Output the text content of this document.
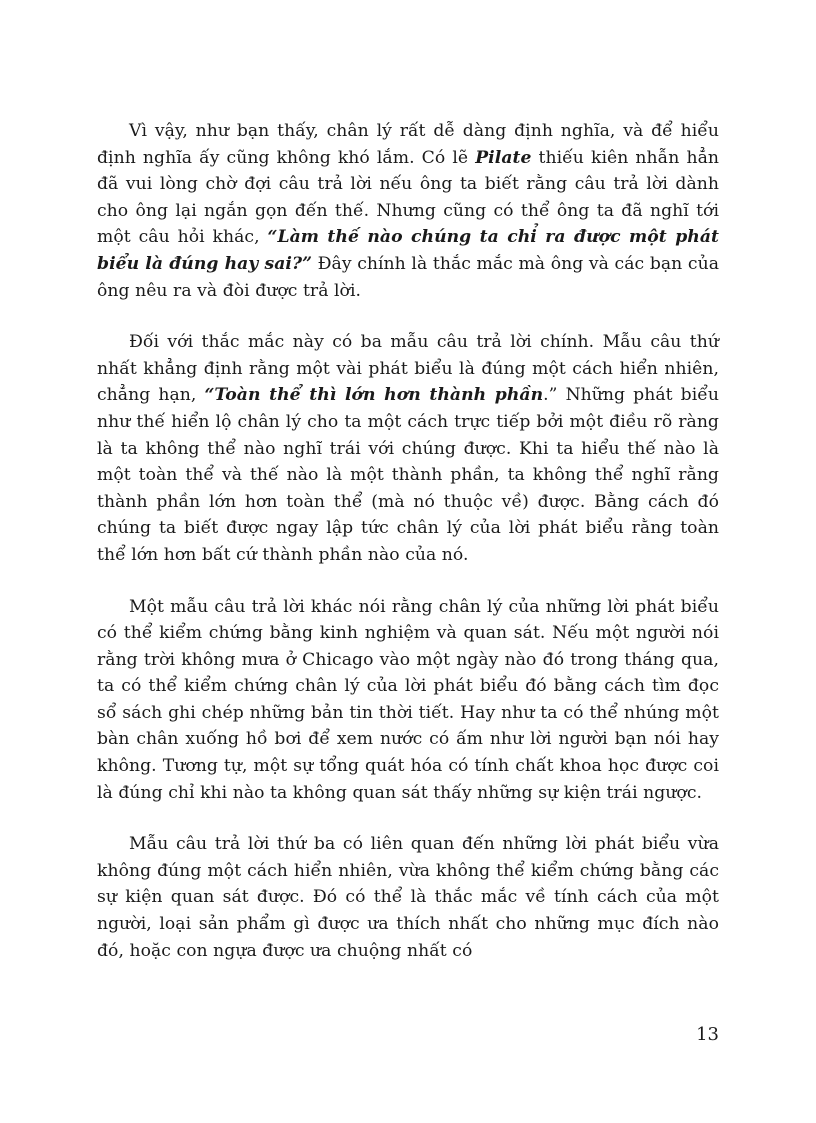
Vì vậy, như bạn thấy, chân lý rất dễ dàng định nghĩa, và để hiểu định nghĩa ấy cũng không khó lắm. Có lẽ Pilate thiếu kiên nhẫn hẳn đã vui lòng chờ đợi câu trả lời nếu ông ta biết rằng câu trả lời dành cho ông lại ngắn gọn đến thế. Nhưng cũng có thể ông ta đã nghĩ tới một câu hỏi khác, “Làm thế nào chúng ta chỉ ra được một phát biểu là đúng hay sai?” Đây chính là thắc mắc mà ông và các bạn của ông nêu ra và đòi được trả lời.

Đối với thắc mắc này có ba mẫu câu trả lời chính. Mẫu câu thứ nhất khẳng định rằng một vài phát biểu là đúng một cách hiển nhiên, chẳng hạn, “Toàn thể thì lớn hơn thành phần.” Những phát biểu như thế hiển lộ chân lý cho ta một cách trực tiếp bởi một điều rõ ràng là ta không thể nào nghĩ trái với chúng được. Khi ta hiểu thế nào là một toàn thể và thế nào là một thành phần, ta không thể nghĩ rằng thành phần lớn hơn toàn thể (mà nó thuộc về) được. Bằng cách đó chúng ta biết được ngay lập tức chân lý của lời phát biểu rằng toàn thể lớn hơn bất cứ thành phần nào của nó.

Một mẫu câu trả lời khác nói rằng chân lý của những lời phát biểu có thể kiểm chứng bằng kinh nghiệm và quan sát. Nếu một người nói rằng trời không mưa ở Chicago vào một ngày nào đó trong tháng qua, ta có thể kiểm chứng chân lý của lời phát biểu đó bằng cách tìm đọc sổ sách ghi chép những bản tin thời tiết. Hay như ta có thể nhúng một bàn chân xuống hồ bơi để xem nước có ấm như lời người bạn nói hay không. Tương tự, một sự tổng quát hóa có tính chất khoa học được coi là đúng chỉ khi nào ta không quan sát thấy những sự kiện trái ngược.

Mẫu câu trả lời thứ ba có liên quan đến những lời phát biểu vừa không đúng một cách hiển nhiên, vừa không thể kiểm chứng bằng các sự kiện quan sát được. Đó có thể là thắc mắc về tính cách của một người, loại sản phẩm gì được ưa thích nhất cho những mục đích nào đó, hoặc con ngựa được ưa chuộng nhất có

13
